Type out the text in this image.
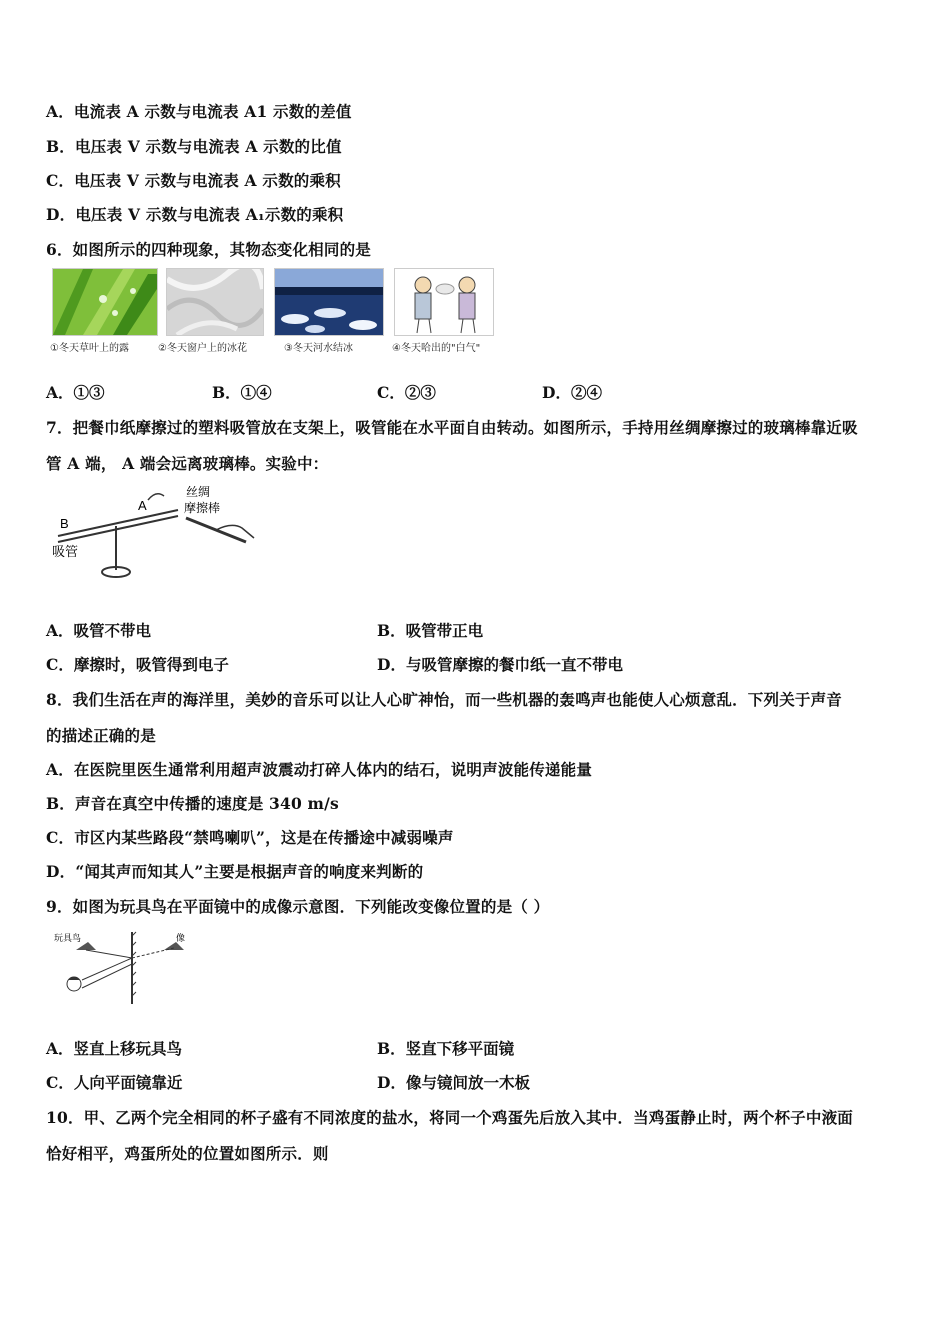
A．电流表 A 示数与电流表 A1 示数的差值
B．电压表 V 示数与电流表 A 示数的比值
C．电压表 V 示数与电流表 A 示数的乘积
D．电压表 V 示数与电流表 A₁示数的乘积
6．如图所示的四种现象，其物态变化相同的是
①冬天草叶上的露	②冬天窗户上的冰花	③冬天河水结冰	④冬天哈出的"白气"
A．①③	B．①④	C．②③	D．②④
7．把餐巾纸摩擦过的塑料吸管放在支架上，吸管能在水平面自由转动。如图所示，手持用丝绸摩擦过的玻璃棒靠近吸
管 A 端， A 端会远离玻璃棒。实验中：
B
A
吸管
丝绸
摩擦棒
A．吸管不带电	B．吸管带正电
C．摩擦时，吸管得到电子	D．与吸管摩擦的餐巾纸一直不带电
8．我们生活在声的海洋里，美妙的音乐可以让人心旷神怡，而一些机器的轰鸣声也能使人心烦意乱．下列关于声音
的描述正确的是
A．在医院里医生通常利用超声波震动打碎人体内的结石，说明声波能传递能量
B．声音在真空中传播的速度是 340 m/s
C．市区内某些路段“禁鸣喇叭”，这是在传播途中减弱噪声
D．“闻其声而知其人”主要是根据声音的响度来判断的
9．如图为玩具鸟在平面镜中的成像示意图．下列能改变像位置的是（ ）
玩具鸟	像
A．竖直上移玩具鸟	B．竖直下移平面镜
C．人向平面镜靠近	D．像与镜间放一木板
10．甲、乙两个完全相同的杯子盛有不同浓度的盐水，将同一个鸡蛋先后放入其中．当鸡蛋静止时，两个杯子中液面
恰好相平，鸡蛋所处的位置如图所示．则
